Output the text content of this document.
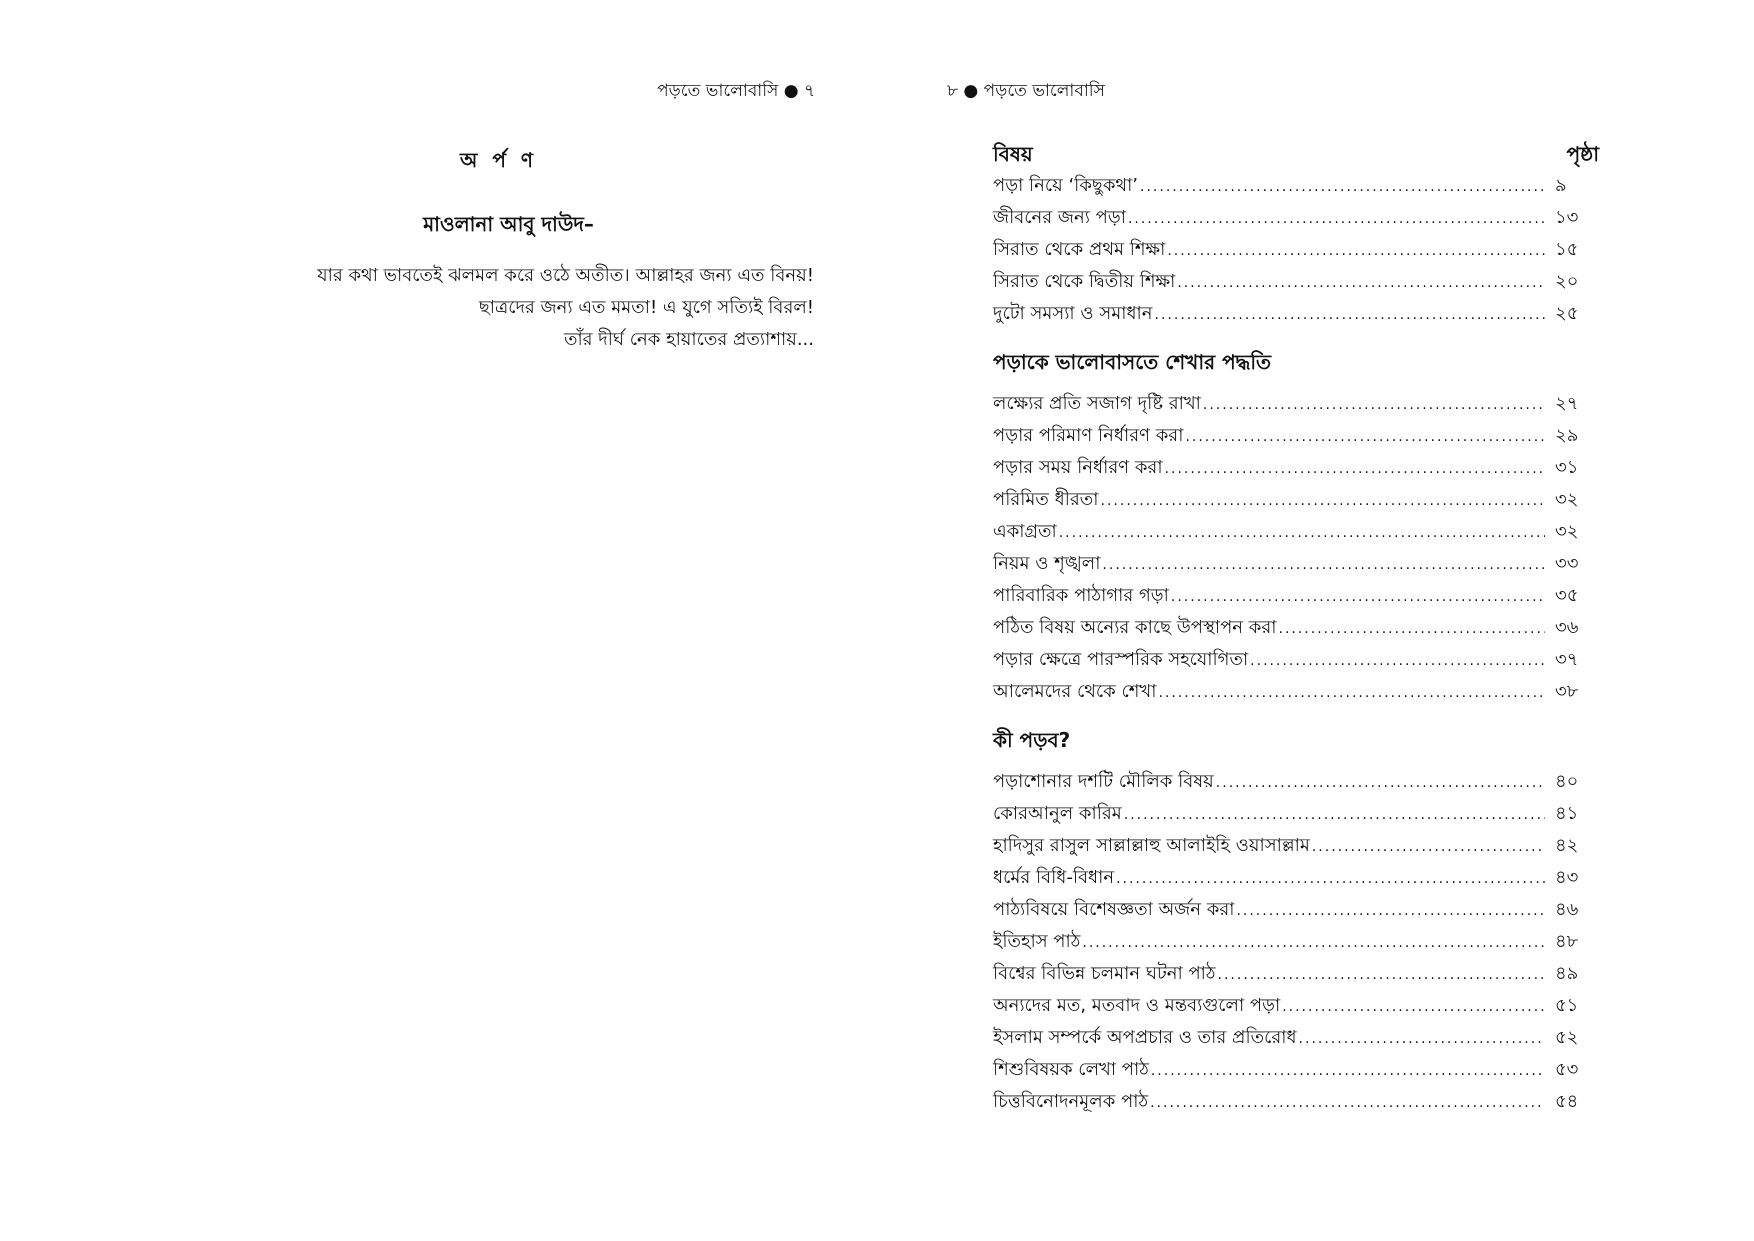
পড়তে ভালোবাসি ● ৭
অ র্প ণ
মাওলানা আবু দাউদ–
যার কথা ভাবতেই ঝলমল করে ওঠে অতীত। আল্লাহর জন্য এত বিনয়!
ছাত্রদের জন্য এত মমতা! এ যুগে সত্যিই বিরল!
তাঁর দীর্ঘ নেক হায়াতের প্রত্যাশায়...
৮ ● পড়তে ভালোবাসি
বিষয়	পৃষ্ঠা
পড়া নিয়ে ‘কিছুকথা’ .....	৯
জীবনের জন্য পড়া .....	১৩
সিরাত থেকে প্রথম শিক্ষা .....	১৫
সিরাত থেকে দ্বিতীয় শিক্ষা .....	২০
দুটো সমস্যা ও সমাধান .....	২৫
পড়াকে ভালোবাসতে শেখার পদ্ধতি
লক্ষ্যের প্রতি সজাগ দৃষ্টি রাখা .....	২৭
পড়ার পরিমাণ নির্ধারণ করা .....	২৯
পড়ার সময় নির্ধারণ করা .....	৩১
পরিমিত ধীরতা .....	৩২
একাগ্রতা .....	৩২
নিয়ম ও শৃঙ্খলা .....	৩৩
পারিবারিক পাঠাগার গড়া .....	৩৫
পঠিত বিষয় অন্যের কাছে উপস্থাপন করা .....	৩৬
পড়ার ক্ষেত্রে পারস্পরিক সহযোগিতা .....	৩৭
আলেমদের থেকে শেখা .....	৩৮
কী পড়ব?
পড়াশোনার দশটি মৌলিক বিষয় .....	৪০
কোরআনুল কারিম .....	৪১
হাদিসুর রাসুল সাল্লাল্লাহু আলাইহি ওয়াসাল্লাম .....	৪২
ধর্মের বিধি-বিধান .....	৪৩
পাঠ্যবিষয়ে বিশেষজ্ঞতা অর্জন করা .....	৪৬
ইতিহাস পাঠ .....	৪৮
বিশ্বের বিভিন্ন চলমান ঘটনা পাঠ .....	৪৯
অন্যদের মত, মতবাদ ও মন্তব্যগুলো পড়া .....	৫১
ইসলাম সম্পর্কে অপপ্রচার ও তার প্রতিরোধ .....	৫২
শিশুবিষয়ক লেখা পাঠ .....	৫৩
চিত্তবিনোদনমূলক পাঠ .....	৫৪
